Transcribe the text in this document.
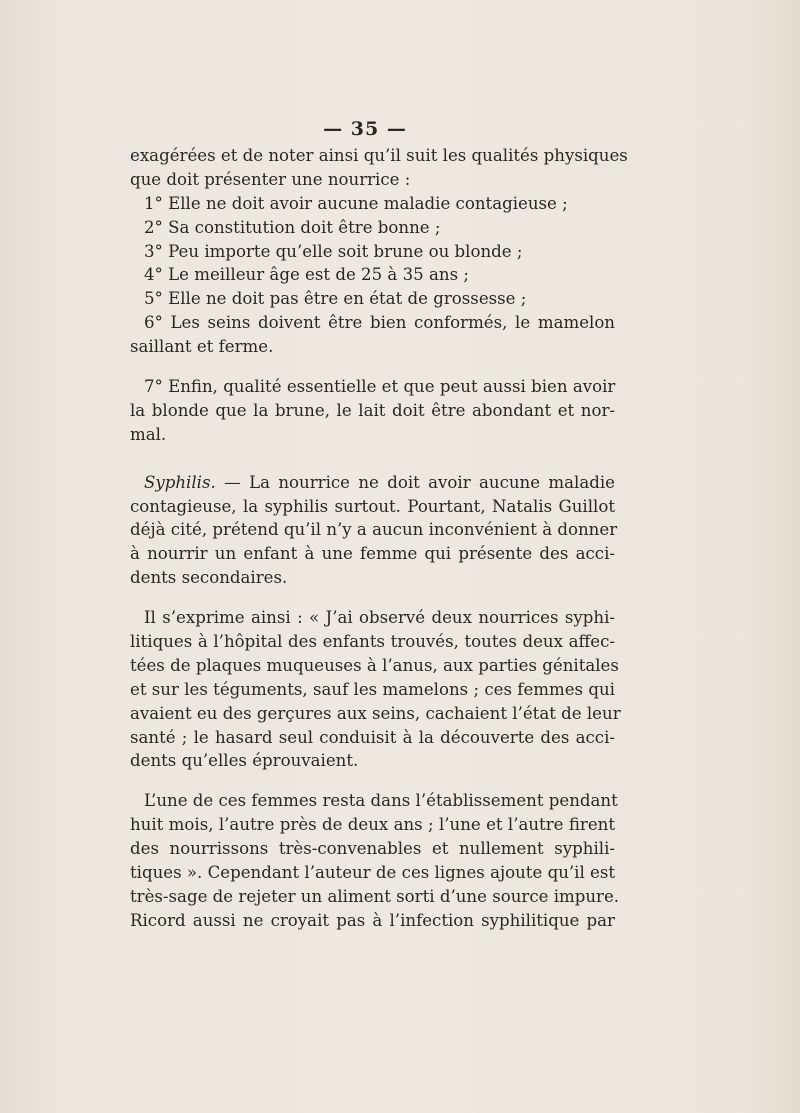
— 35 —
exagérées et de noter ainsi qu’il suit les qualités physiques
que doit présenter une nourrice :
1° Elle ne doit avoir aucune maladie contagieuse ;
2° Sa constitution doit être bonne ;
3° Peu importe qu’elle soit brune ou blonde ;
4° Le meilleur âge est de 25 à 35 ans ;
5° Elle ne doit pas être en état de grossesse ;
6° Les seins doivent être bien conformés, le mamelon
saillant et ferme.
7° Enfin, qualité essentielle et que peut aussi bien avoir
la blonde que la brune, le lait doit être abondant et nor-
mal.
Syphilis. — La nourrice ne doit avoir aucune maladie
contagieuse, la syphilis surtout. Pourtant, Natalis Guillot
déjà cité, prétend qu’il n’y a aucun inconvénient à donner
à nourrir un enfant à une femme qui présente des acci-
dents secondaires.
Il s’exprime ainsi : « J’ai observé deux nourrices syphi-
litiques à l’hôpital des enfants trouvés, toutes deux affec-
tées de plaques muqueuses à l’anus, aux parties génitales
et sur les téguments, sauf les mamelons ; ces femmes qui
avaient eu des gerçures aux seins, cachaient l’état de leur
santé ; le hasard seul conduisit à la découverte des acci-
dents qu’elles éprouvaient.
L’une de ces femmes resta dans l’établissement pendant
huit mois, l’autre près de deux ans ; l’une et l’autre firent
des nourrissons très-convenables et nullement syphili-
tiques ». Cependant l’auteur de ces lignes ajoute qu’il est
très-sage de rejeter un aliment sorti d’une source impure.
Ricord aussi ne croyait pas à l’infection syphilitique par
